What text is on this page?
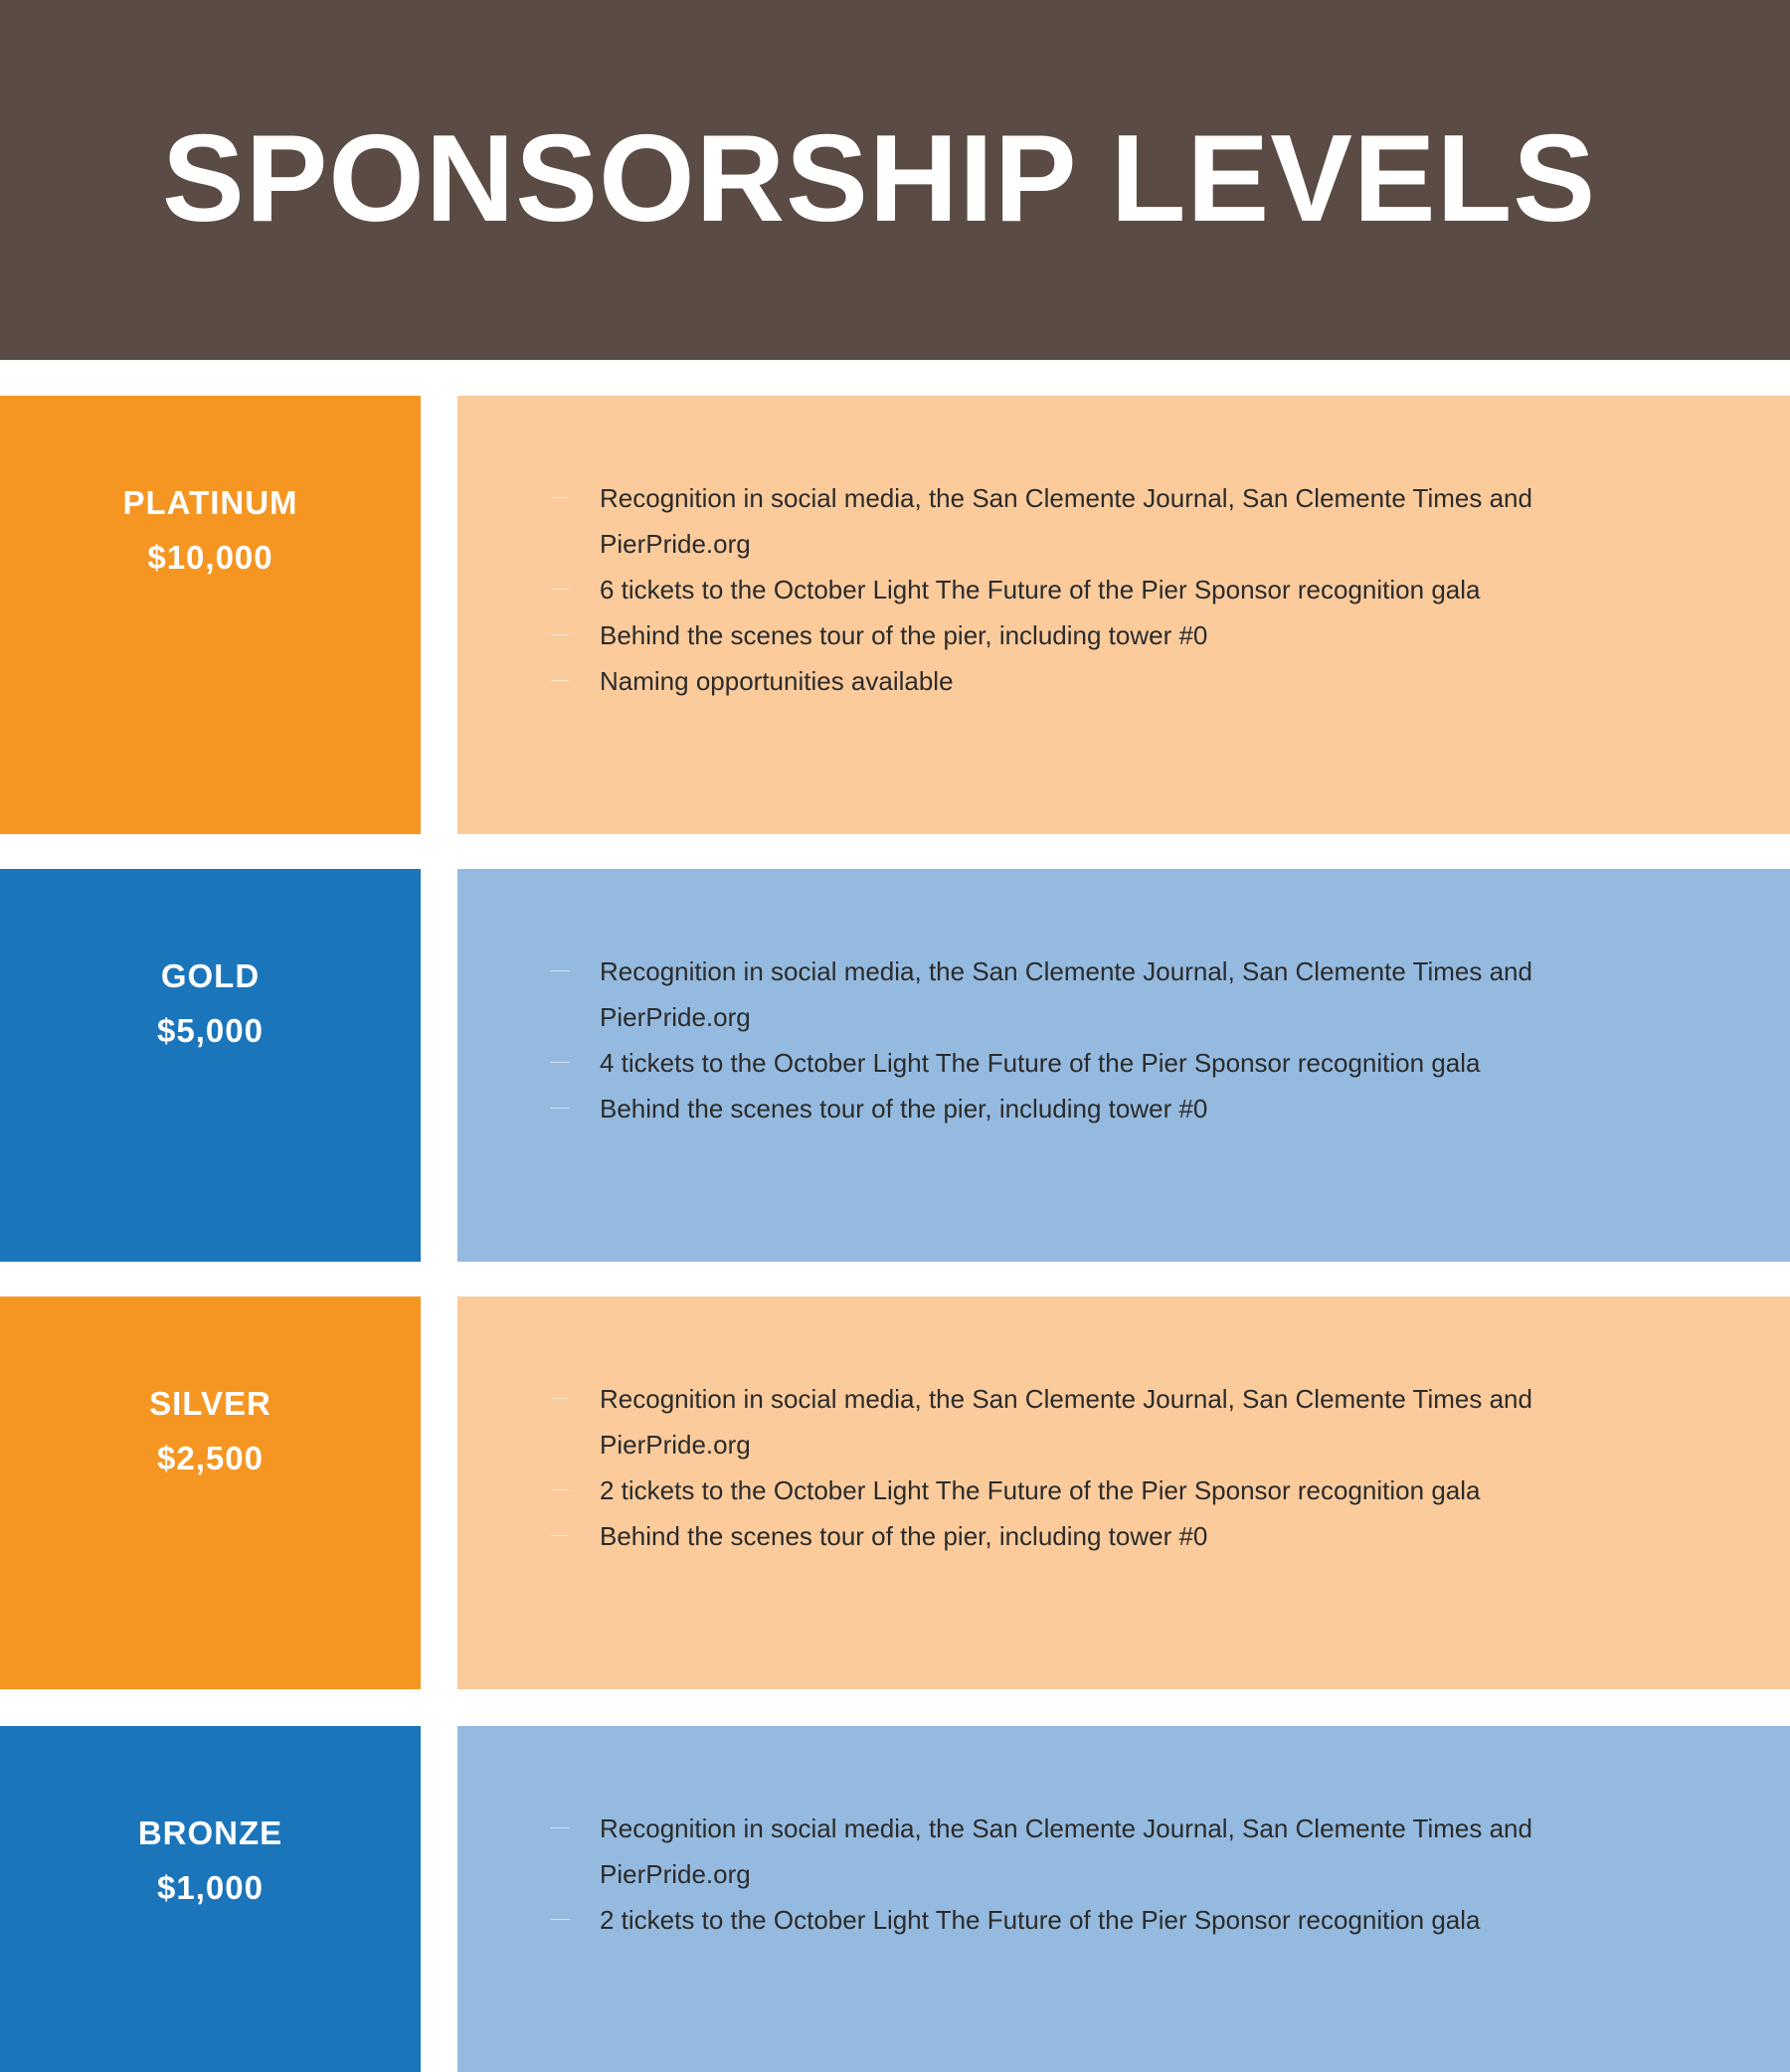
SPONSORSHIP LEVELS
PLATINUM
$10,000
Recognition in social media, the San Clemente Journal, San Clemente Times and PierPride.org
6 tickets to the October Light The Future of the Pier Sponsor recognition gala
Behind the scenes tour of the pier, including tower #0
Naming opportunities available
GOLD
$5,000
Recognition in social media, the San Clemente Journal, San Clemente Times and PierPride.org
4 tickets to the October Light The Future of the Pier Sponsor recognition gala
Behind the scenes tour of the pier, including tower #0
SILVER
$2,500
Recognition in social media, the San Clemente Journal, San Clemente Times and PierPride.org
2 tickets to the October Light The Future of the Pier Sponsor recognition gala
Behind the scenes tour of the pier, including tower #0
BRONZE
$1,000
Recognition in social media, the San Clemente Journal, San Clemente Times and PierPride.org
2 tickets to the October Light The Future of the Pier Sponsor recognition gala
